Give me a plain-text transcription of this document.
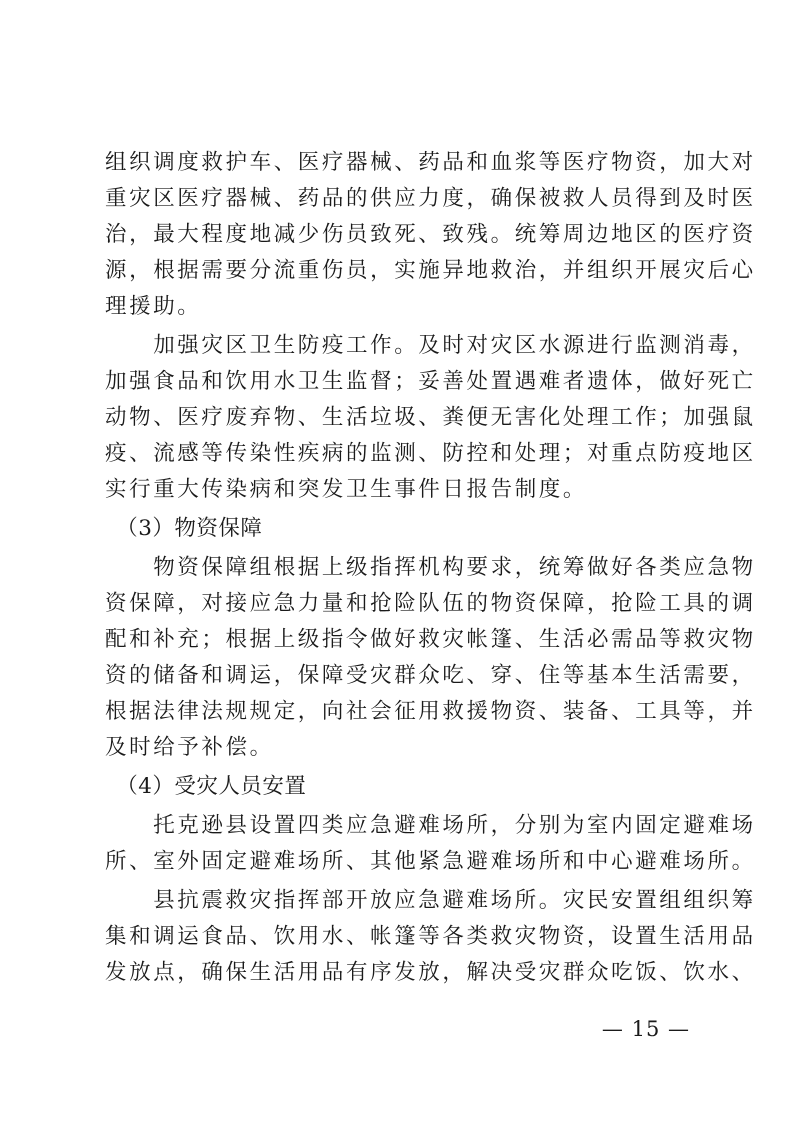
组织调度救护车、医疗器械、药品和血浆等医疗物资，加大对
重灾区医疗器械、药品的供应力度，确保被救人员得到及时医
治，最大程度地减少伤员致死、致残。统筹周边地区的医疗资
源，根据需要分流重伤员，实施异地救治，并组织开展灾后心
理援助。
　　加强灾区卫生防疫工作。及时对灾区水源进行监测消毒，
加强食品和饮用水卫生监督；妥善处置遇难者遗体，做好死亡
动物、医疗废弃物、生活垃圾、粪便无害化处理工作；加强鼠
疫、流感等传染性疾病的监测、防控和处理；对重点防疫地区
实行重大传染病和突发卫生事件日报告制度。
　（3）物资保障
　　物资保障组根据上级指挥机构要求，统筹做好各类应急物
资保障，对接应急力量和抢险队伍的物资保障，抢险工具的调
配和补充；根据上级指令做好救灾帐篷、生活必需品等救灾物
资的储备和调运，保障受灾群众吃、穿、住等基本生活需要，
根据法律法规规定，向社会征用救援物资、装备、工具等，并
及时给予补偿。
　（4）受灾人员安置
　　托克逊县设置四类应急避难场所，分别为室内固定避难场
所、室外固定避难场所、其他紧急避难场所和中心避难场所。
　　县抗震救灾指挥部开放应急避难场所。灾民安置组组织筹
集和调运食品、饮用水、帐篷等各类救灾物资，设置生活用品
发放点，确保生活用品有序发放，解决受灾群众吃饭、饮水、
— 15 —
